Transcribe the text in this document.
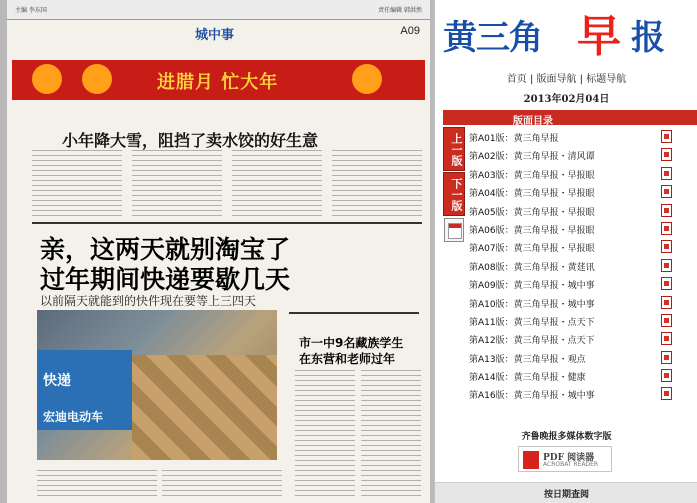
主编 李东国	责任编辑 韩洪然
城中事	A09
进腊月 忙大年
小年降大雪，阻挡了卖水饺的好生意
亲，这两天就别淘宝了
过年期间快递要歇几天
以前隔天就能到的快件现在要等上三四天
快递
宏迪电动车
市一中9名藏族学生
在东营和老师过年
黄三角 早 报
首页 | 版面导航 | 标题导航
2013年02月04日
版面目录
上一版
下一版
第A01版：黄三角早报
第A02版：黄三角早报・清风谭
第A03版：黄三角早报・早报眼
第A04版：黄三角早报・早报眼
第A05版：黄三角早报・早报眼
第A06版：黄三角早报・早报眼
第A07版：黄三角早报・早报眼
第A08版：黄三角早报・黄莛讯
第A09版：黄三角早报・城中事
第A10版：黄三角早报・城中事
第A11版：黄三角早报・点天下
第A12版：黄三角早报・点天下
第A13版：黄三角早报・观点
第A14版：黄三角早报・健康
第A16版：黄三角早报・城中事
齐鲁晚报多媒体数字版
PDF 阅读器
ACROBAT READER
按日期查阅
